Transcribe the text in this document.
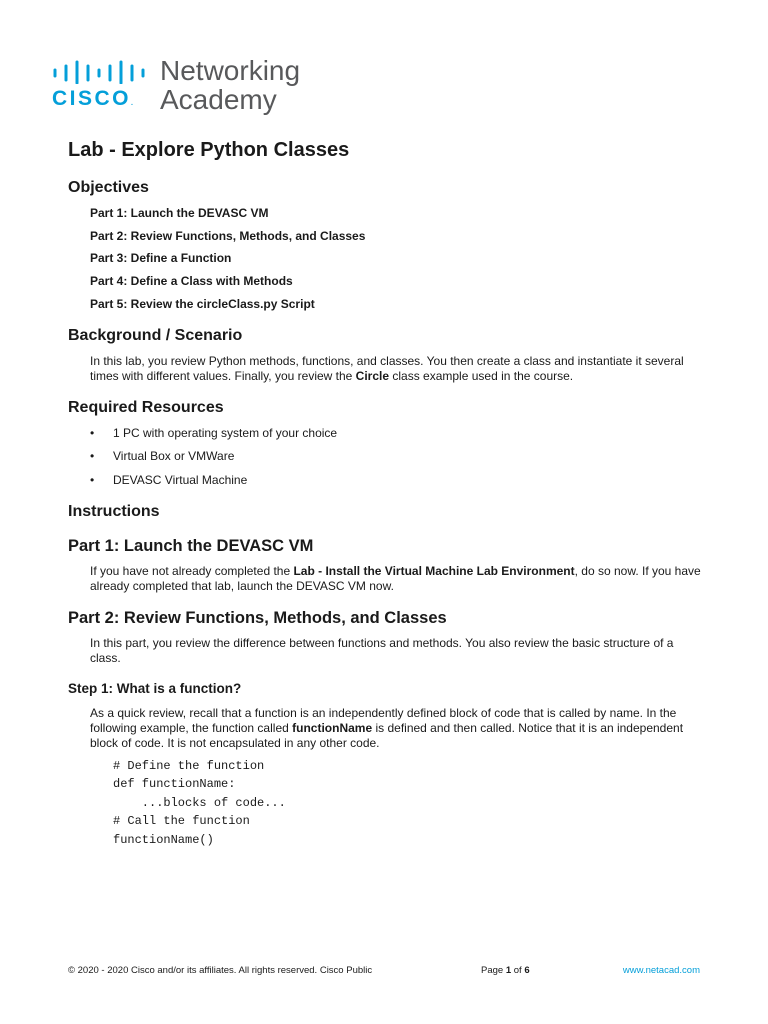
CISCO.
Networking
Academy
Lab - Explore Python Classes
Objectives
Part 1: Launch the DEVASC VM
Part 2: Review Functions, Methods, and Classes
Part 3: Define a Function
Part 4: Define a Class with Methods
Part 5: Review the circleClass.py Script
Background / Scenario

In this lab, you review Python methods, functions, and classes. You then create a class and instantiate it several times with different values. Finally, you review the Circle class example used in the course.

Required Resources
• 1 PC with operating system of your choice
• Virtual Box or VMWare
• DEVASC Virtual Machine
Instructions
Part 1: Launch the DEVASC VM

If you have not already completed the Lab - Install the Virtual Machine Lab Environment, do so now. If you have already completed that lab, launch the DEVASC VM now.

Part 2: Review Functions, Methods, and Classes

In this part, you review the difference between functions and methods. You also review the basic structure of a class.

Step 1: What is a function?

As a quick review, recall that a function is an independently defined block of code that is called by name. In the following example, the function called functionName is defined and then called. Notice that it is an independent block of code. It is not encapsulated in any other code.

# Define the function
def functionName:
...blocks of code...
# Call the function
functionName()
© 2020 - 2020 Cisco and/or its affiliates. All rights reserved. Cisco Public	Page 1 of 6	www.netacad.com
